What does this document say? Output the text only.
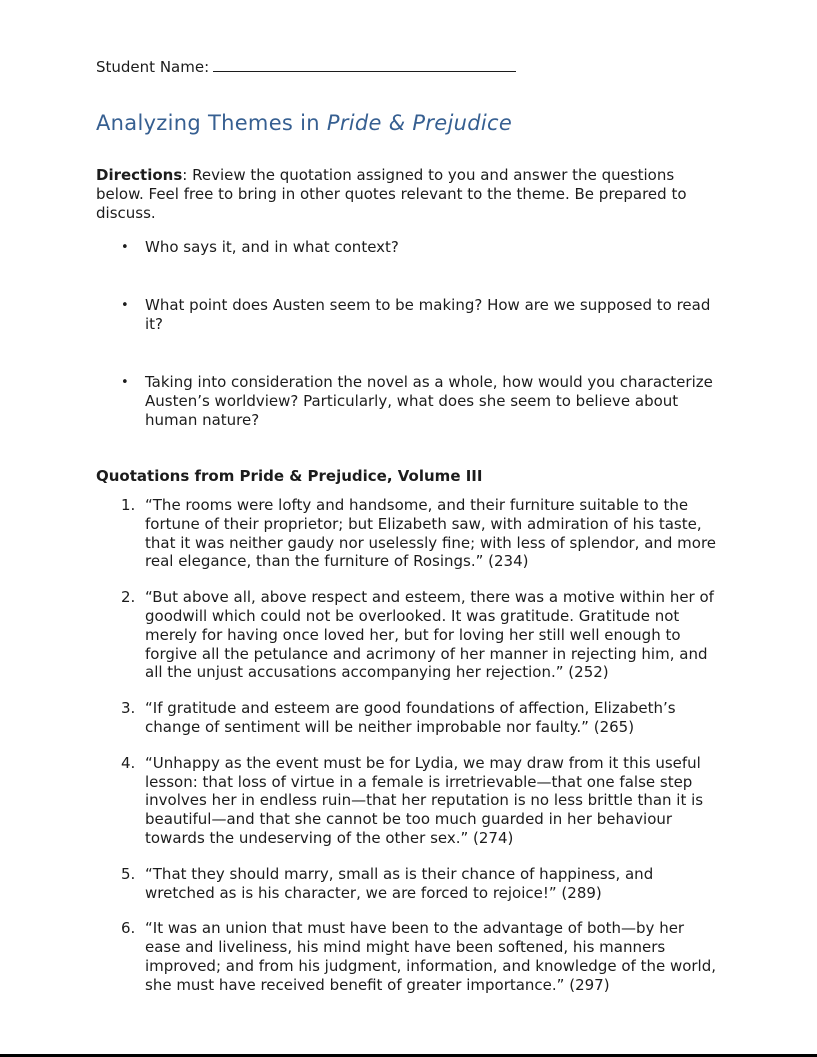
Student Name:
Analyzing Themes in Pride & Prejudice

Directions: Review the quotation assigned to you and answer the questions below. Feel free to bring in other quotes relevant to the theme. Be prepared to discuss.

• Who says it, and in what context?
• What point does Austen seem to be making? How are we supposed to read it?
• Taking into consideration the novel as a whole, how would you characterize Austen’s worldview? Particularly, what does she seem to believe about human nature?
Quotations from Pride & Prejudice, Volume III
1. “The rooms were lofty and handsome, and their furniture suitable to the fortune of their proprietor; but Elizabeth saw, with admiration of his taste, that it was neither gaudy nor uselessly fine; with less of splendor, and more real elegance, than the furniture of Rosings.” (234)
2. “But above all, above respect and esteem, there was a motive within her of goodwill which could not be overlooked. It was gratitude. Gratitude not merely for having once loved her, but for loving her still well enough to forgive all the petulance and acrimony of her manner in rejecting him, and all the unjust accusations accompanying her rejection.” (252)
3. “If gratitude and esteem are good foundations of affection, Elizabeth’s change of sentiment will be neither improbable nor faulty.” (265)
4. “Unhappy as the event must be for Lydia, we may draw from it this useful lesson: that loss of virtue in a female is irretrievable—that one false step involves her in endless ruin—that her reputation is no less brittle than it is beautiful—and that she cannot be too much guarded in her behaviour towards the undeserving of the other sex.” (274)
5. “That they should marry, small as is their chance of happiness, and wretched as is his character, we are forced to rejoice!” (289)
6. “It was an union that must have been to the advantage of both—by her ease and liveliness, his mind might have been softened, his manners improved; and from his judgment, information, and knowledge of the world, she must have received benefit of greater importance.” (297)
